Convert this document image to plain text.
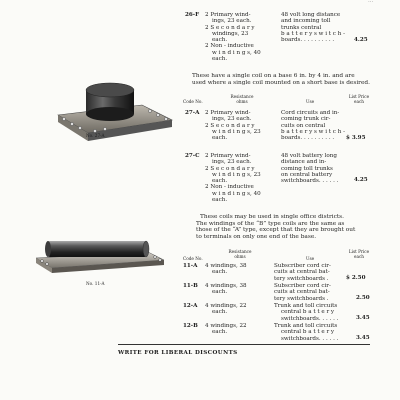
...
26-F 2 Primary wind-
ings, 23 each.
2 S e c o n d a r y
windings, 23
each.
2 Non - inductive
w i n d i n g s, 40
each.
48 volt long distance
and incoming toll
trunks central
b a t t e r y s w i t c h -
boards. . . . . . . . . .	4.25
These have a single coil on a base 6 in. by 4 in. and are
used where a single coil mounted on a short base is desired.
Code No.
Resistance
ohms	Use
List Price
each
No. 27-A
27-A 2 Primary wind-
ings, 23 each.
2 S e c o n d a r y
w i n d i n g s, 23
each.
Cord circuits and in-
coming trunk cir-
cuits on central
b a t t e r y s w i t c h -
boards. . . . . . . . . .	$ 3.95
27-C 2 Primary wind-
ings, 23 each.
2 S e c o n d a r y
w i n d i n g s, 23
each.
2 Non - inductive
w i n d i n g s, 40
each.
48 volt battery long
distance and in-
coming toll trunks
on central battery
switchboards. . . . . .	4.25
These coils may be used in single office districts.
The windings of the “B” type coils are the same as
those of the “A” type, except that they are brought out
to terminals on only one end of the base.
Code No.
Resistance
ohms	Use
List Price
each
No. 11-A
11-A 4 windings, 38
each.
Subscriber cord cir-
cuits at central bat-
tery switchboards .	$ 2.50
11-B 4 windings, 38
each.
Subscriber cord cir-
cuits at central bat-
tery switchboards .	2.50
12-A 4 windings, 22
each.
Trunk and toll circuits
central b a t t e r y
switchboards. . . . . .	3.45
12-B 4 windings, 22
each.
Trunk and toll circuits
central b a t t e r y
switchboards. . . . . .	3.45
WRITE FOR LIBERAL DISCOUNTS
